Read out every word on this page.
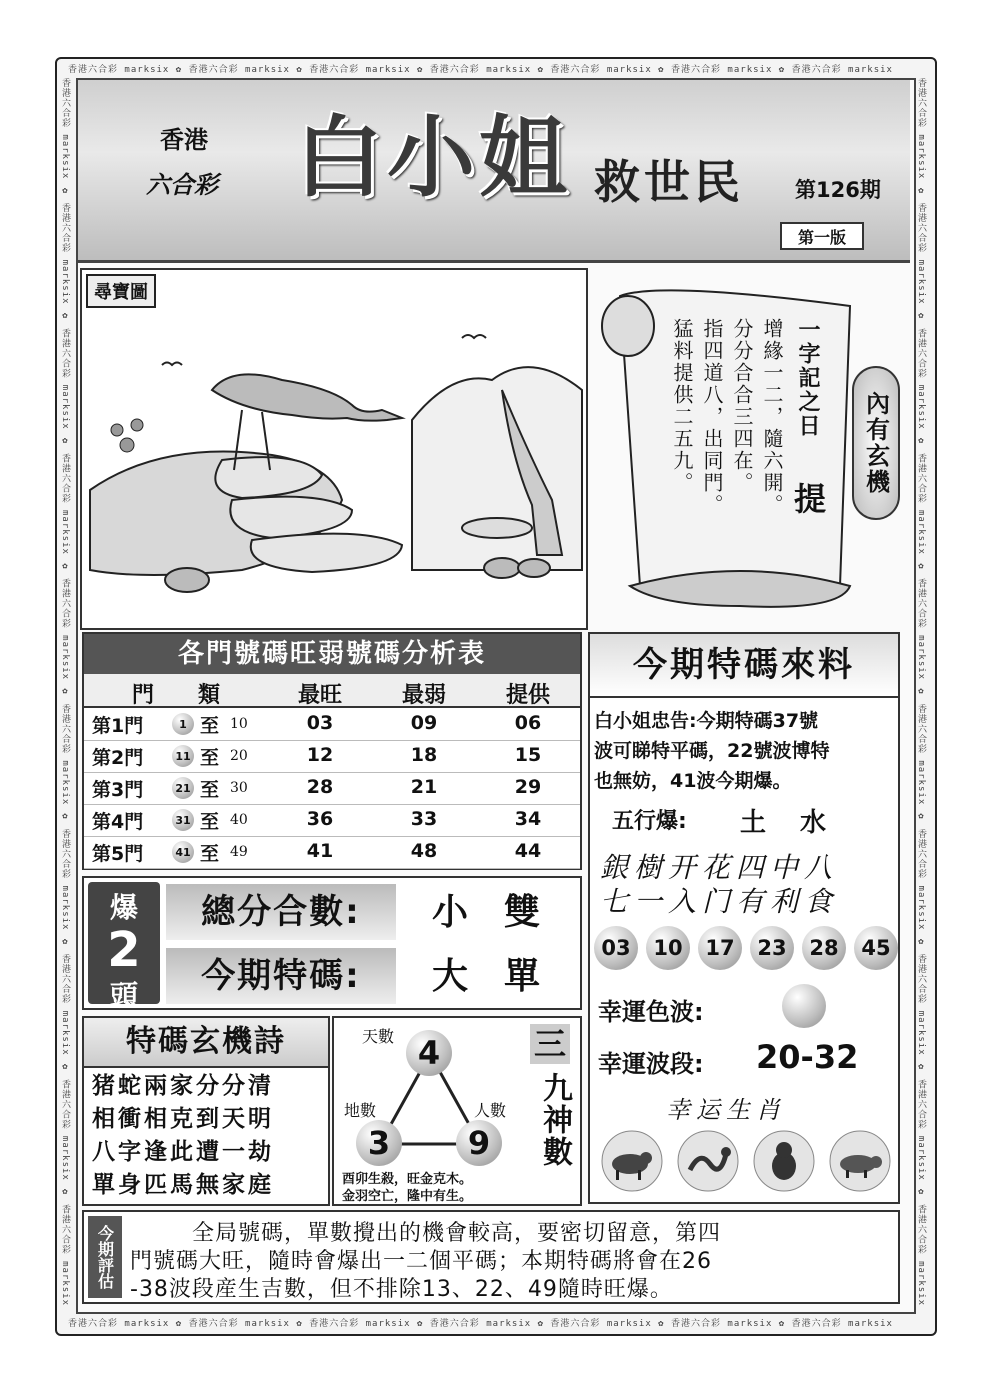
香港六合彩 marksix ✿ 香港六合彩 marksix ✿ 香港六合彩 marksix ✿ 香港六合彩 marksix ✿ 香港六合彩 marksix ✿ 香港六合彩 marksix ✿ 香港六合彩 marksix
香港六合彩 marksix ✿ 香港六合彩 marksix ✿ 香港六合彩 marksix ✿ 香港六合彩 marksix ✿ 香港六合彩 marksix ✿ 香港六合彩 marksix ✿ 香港六合彩 marksix
香港六合彩 marksix ✿ 香港六合彩 marksix ✿ 香港六合彩 marksix ✿ 香港六合彩 marksix ✿ 香港六合彩 marksix ✿ 香港六合彩 marksix ✿ 香港六合彩 marksix ✿ 香港六合彩 marksix ✿ 香港六合彩 marksix ✿ 香港六合彩 marksix	香港六合彩 marksix ✿ 香港六合彩 marksix ✿ 香港六合彩 marksix ✿ 香港六合彩 marksix ✿ 香港六合彩 marksix ✿ 香港六合彩 marksix ✿ 香港六合彩 marksix ✿ 香港六合彩 marksix ✿ 香港六合彩 marksix ✿ 香港六合彩 marksix
香港
六合彩 白小姐 救世民 第126期
第一版
尋寶圖
一字記之日
提
增緣一二，隨六開。
分分合合三四在。
指四道八，出同門。
猛料提供二五九。	內有玄機
各門號碼旺弱號碼分析表
門　　類	最旺	最弱	提供
第1門	1 至 10	03	09	06
第2門	11 至 20	12	18	15
第3門	21 至 30	28	21	29
第4門	31 至 40	36	33	34
第5門	41 至 49	41	48	44
爆
2
頭
總分合數:	小　雙
今期特碼:	大　單
今期特碼來料
白小姐忠告:今期特碼37號
波可睇特平碼，22號波博特
也無妨，41波今期爆。
五行爆: 土　水
銀樹开花四中八
七一入门有利食
03	10	17	23	28	45
幸運色波:
幸運波段: 20-32
幸运生肖
特碼玄機詩
猪蛇兩家分分清
相衝相克到天明
八字逢此遭一劫
單身匹馬無家庭
天數 4
地數
3
人數
9
酉卯生殺，旺金克木。
金羽空亡，隆中有生。
三
九神數
今期評估	全局號碼，單數攪出的機會較高，要密切留意，第四
門號碼大旺，隨時會爆出一二個平碼；本期特碼將會在26
-38波段産生吉數，但不排除13、22、49隨時旺爆。
